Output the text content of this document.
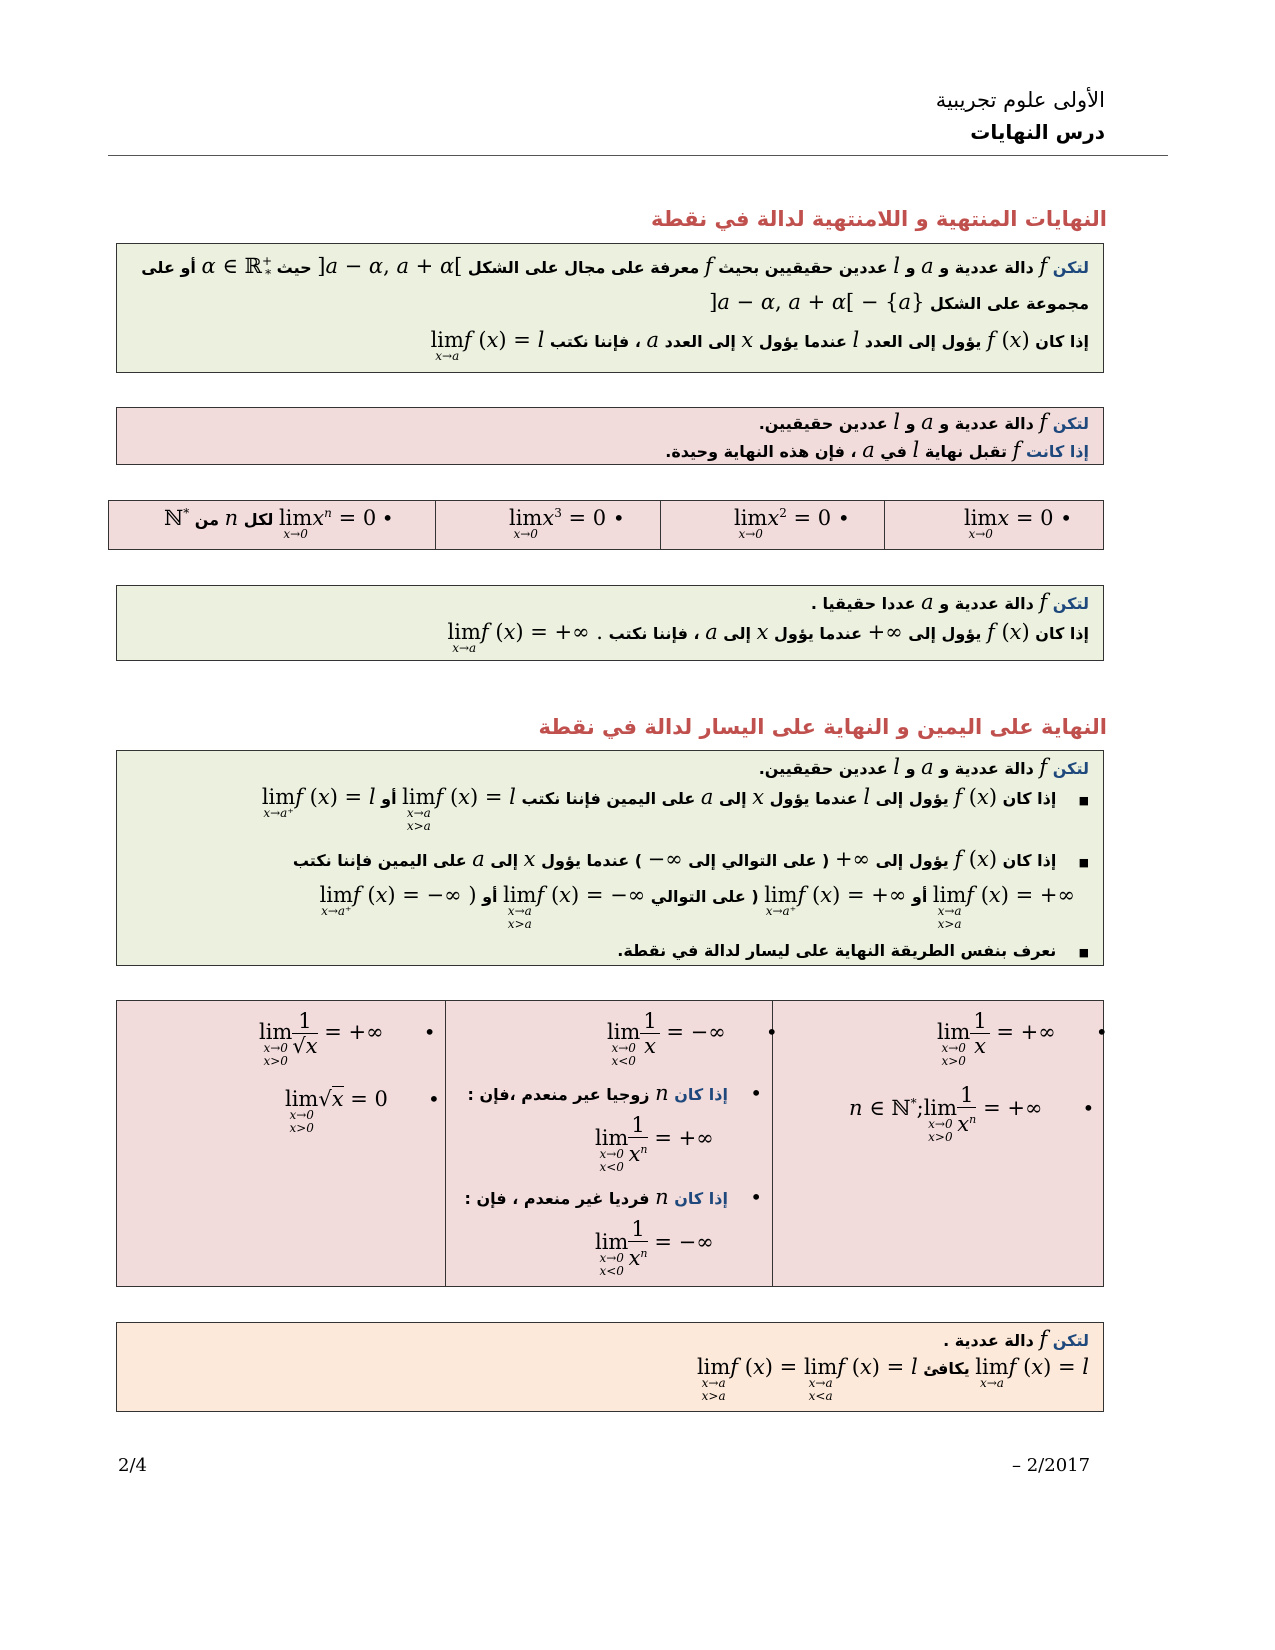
الأولى علوم تجريبية
درس النهايات
النهايات المنتهية و اللامنتهية لدالة في نقطة
لتكن f دالة عددية و a و l عددين حقيقيين بحيث f معرفة على مجال على الشكل ]a − α, a + α[ حيث α ∈ ℝ+$_*$ أو على
مجموعة على الشكل ]a − α, a + α[ − {a}
إذا كان f (x) يؤول إلى العدد l عندما يؤول x إلى العدد a ، فإننا نكتب lim
x→a
f (x) = l
لتكن f دالة عددية و a و l عددين حقيقيين.
إذا كانت f تقبل نهاية l في a ، فإن هذه النهاية وحيدة.
lim
x→0
x = 0 •
lim
x→0
$x^2 = 0$ •
lim
x→0
$x^3 = 0$ •
• lim
x→0
$x^n = 0$ لكل n من ℕ*
لتكن f دالة عددية و a عددا حقيقيا .
إذا كان f (x) يؤول إلى +∞ عندما يؤول x إلى a ، فإننا نكتب lim
x→a
f (x) = +∞ .
النهاية على اليمين و النهاية على اليسار لدالة في نقطة
لتكن f دالة عددية و a و l عددين حقيقيين.
■    إذا كان f (x) يؤول إلى l عندما يؤول x إلى a على اليمين فإننا نكتب lim
x→a
x>a
f (x) = l أو lim
x→a⁺
f (x) = l
■    إذا كان f (x) يؤول إلى +∞ ( على التوالي إلى −∞ ) عندما يؤول x إلى a على اليمين فإننا نكتب
lim
x→a
x>a
f (x) = +∞ أو lim
x→a⁺
f (x) = +∞ ( على التوالي lim
x→a
x>a
f (x) = −∞ أو lim
x→a⁺
f (x) = −∞ )
■    نعرف بنفس الطريقة النهاية على ليسار لدالة في نقطة.
lim
x→0
x>0
$\frac{1}{x}$ = +∞      •
n ∈ ℕ*;lim
x→0
x>0
$\frac{1}{x^n}$ = +∞      •
lim
x→0
x<0
$\frac{1}{x}$ = −∞      •
•    إذا كان n زوجيا عير منعدم ،فإن :
lim
x→0
x<0
$\frac{1}{x^n}$ = +∞
•    إذا كان n فرديا غير منعدم ، فإن :
lim
x→0
x<0
$\frac{1}{x^n}$ = −∞
lim
x→0
x>0
$\frac{1}{√x}$ = +∞      •
lim
x→0
x>0
√x = 0      •
لتكن f دالة عددية .
lim
x→a
f (x) = l يكافئ lim
x→a
x>a
f (x) = lim
x→a
x<a
f (x) = l
2/4	– 2/2017
